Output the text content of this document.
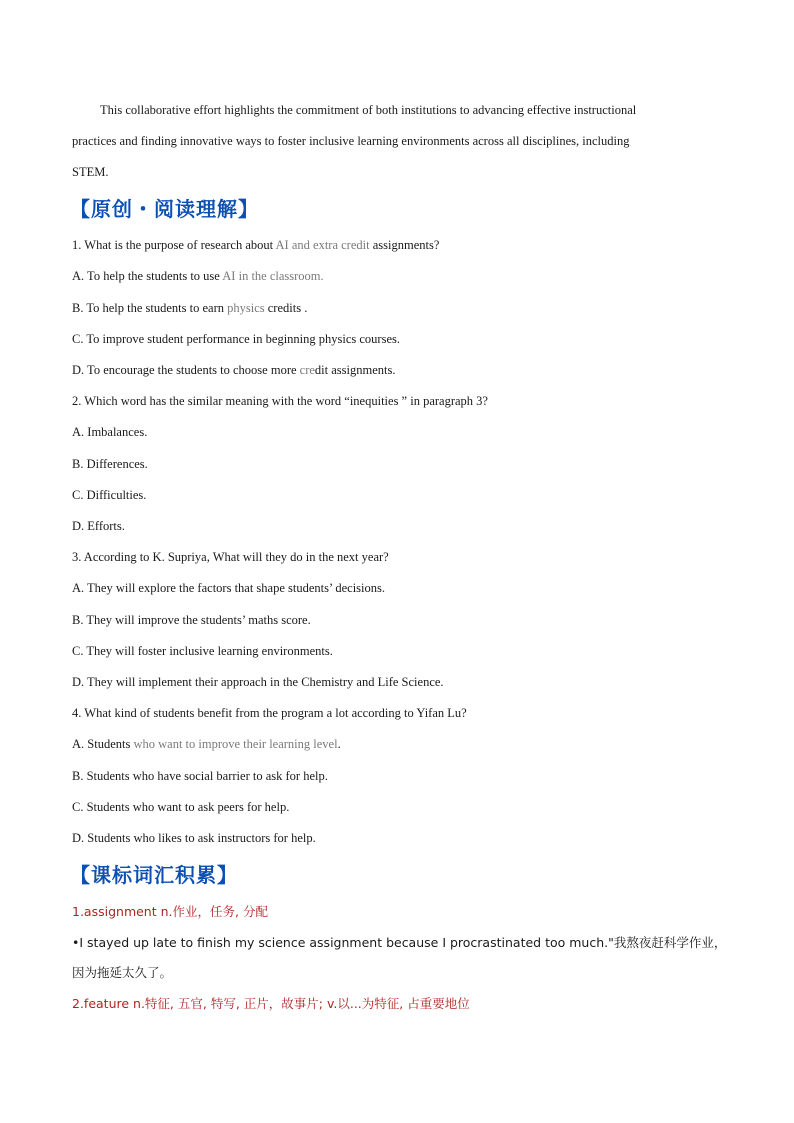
This collaborative effort highlights the commitment of both institutions to advancing effective instructional
practices and finding innovative ways to foster inclusive learning environments across all disciplines, including
STEM.
【原创・阅读理解】
1. What is the purpose of research about AI and extra credit assignments?
A. To help the students to use AI in the classroom.
B. To help the students to earn physics credits .
C. To improve student performance in beginning physics courses.
D. To encourage the students to choose more credit assignments.
2. Which word has the similar meaning with the word “inequities ” in paragraph 3?
A. Imbalances.
B. Differences.
C. Difficulties.
D. Efforts.
3. According to K. Supriya, What will they do in the next year?
A. They will explore the factors that shape students’ decisions.
B. They will improve the students’ maths score.
C. They will foster inclusive learning environments.
D. They will implement their approach in the Chemistry and Life Science.
4. What kind of students benefit from the program a lot according to Yifan Lu?
A. Students who want to improve their learning level.
B. Students who have social barrier to ask for help.
C. Students who want to ask peers for help.
D. Students who likes to ask instructors for help.
【课标词汇积累】
1.assignment n.作业，任务, 分配
•I stayed up late to finish my science assignment because I procrastinated too much."我熬夜赶科学作业，因为拖延太久了。
2.feature n.特征, 五官, 特写, 正片，故事片; v.以...为特征, 占重要地位
